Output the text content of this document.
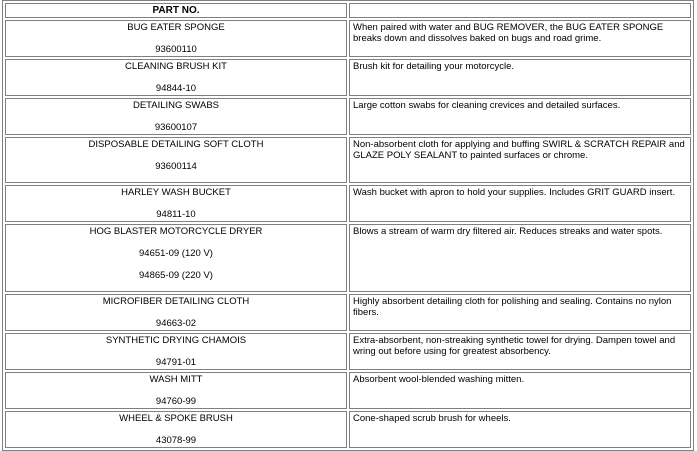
PART NO.	

BUG EATER SPONGE
93600110	When paired with water and BUG REMOVER, the BUG EATER SPONGE breaks down and dissolves baked on bugs and road grime.

CLEANING BRUSH KIT
94844-10	Brush kit for detailing your motorcycle.

DETAILING SWABS
93600107	Large cotton swabs for cleaning crevices and detailed surfaces.

DISPOSABLE DETAILING SOFT CLOTH
93600114	Non-absorbent cloth for applying and buffing SWIRL & SCRATCH REPAIR and GLAZE POLY SEALANT to painted surfaces or chrome.

HARLEY WASH BUCKET
94811-10	Wash bucket with apron to hold your supplies. Includes GRIT GUARD insert.

HOG BLASTER MOTORCYCLE DRYER
94651-09 (120 V)
94865-09 (220 V)	Blows a stream of warm dry filtered air. Reduces streaks and water spots.

MICROFIBER DETAILING CLOTH
94663-02	Highly absorbent detailing cloth for polishing and sealing. Contains no nylon fibers.

SYNTHETIC DRYING CHAMOIS
94791-01	Extra-absorbent, non-streaking synthetic towel for drying. Dampen towel and wring out before using for greatest absorbency.

WASH MITT
94760-99	Absorbent wool-blended washing mitten.

WHEEL & SPOKE BRUSH
43078-99	Cone-shaped scrub brush for wheels.
